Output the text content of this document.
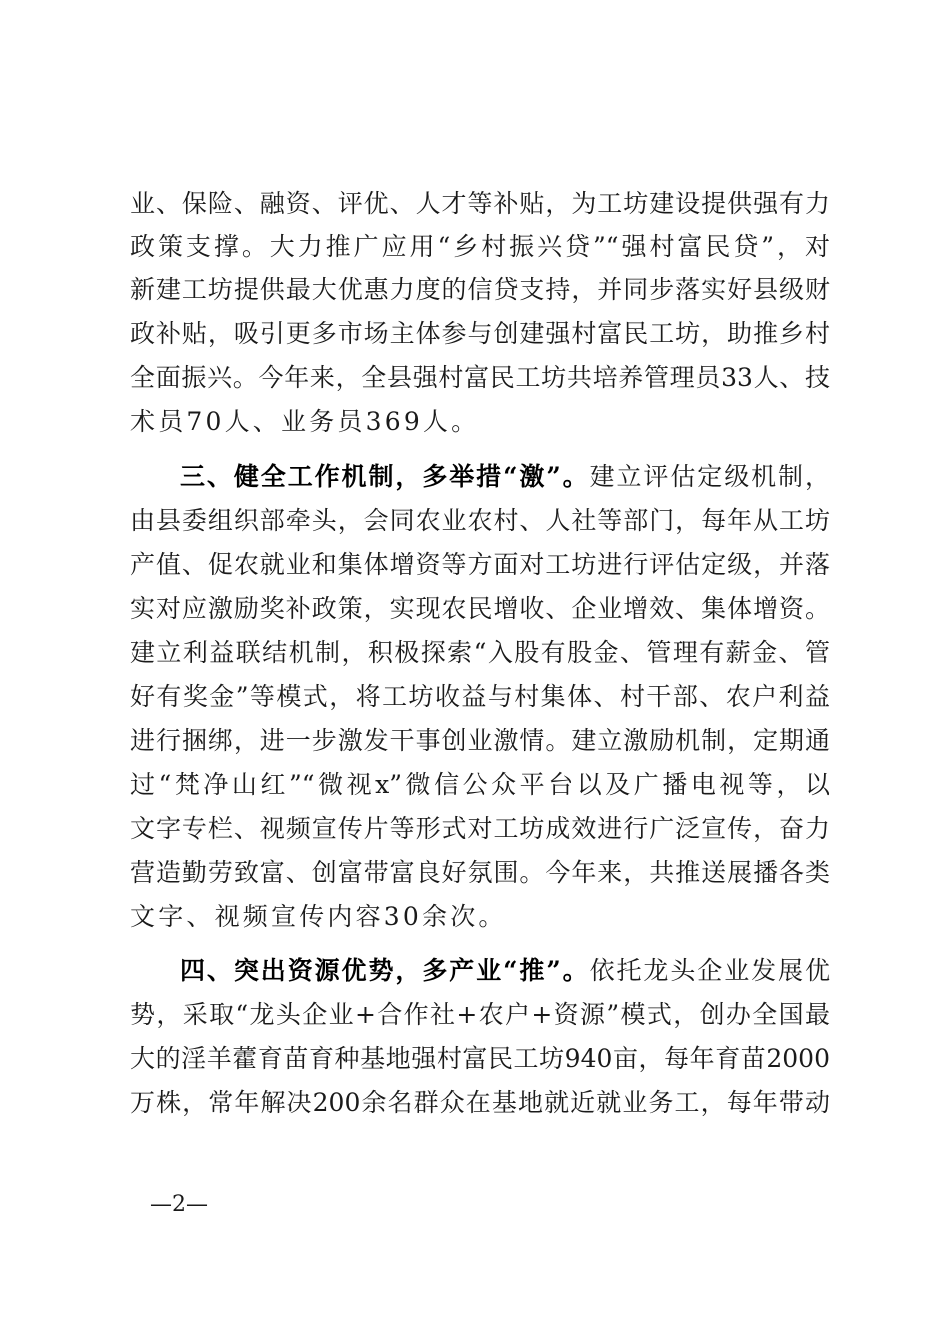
业、保险、融资、评优、人才等补贴，为工坊建设提供强有力
政策支撑。大力推广应用“乡村振兴贷”“强村富民贷”，对
新建工坊提供最大优惠力度的信贷支持，并同步落实好县级财
政补贴，吸引更多市场主体参与创建强村富民工坊，助推乡村
全面振兴。今年来，全县强村富民工坊共培养管理员33人、技
术员70人、业务员369人。
三、健全工作机制，多举措“激”。建立评估定级机制，
由县委组织部牵头，会同农业农村、人社等部门，每年从工坊
产值、促农就业和集体增资等方面对工坊进行评估定级，并落
实对应激励奖补政策，实现农民增收、企业增效、集体增资。
建立利益联结机制，积极探索“入股有股金、管理有薪金、管
好有奖金”等模式，将工坊收益与村集体、村干部、农户利益
进行捆绑，进一步激发干事创业激情。建立激励机制，定期通
过“梵净山红”“微视x”微信公众平台以及广播电视等，以
文字专栏、视频宣传片等形式对工坊成效进行广泛宣传，奋力
营造勤劳致富、创富带富良好氛围。今年来，共推送展播各类
文字、视频宣传内容30余次。
四、突出资源优势，多产业“推”。依托龙头企业发展优
势，采取“龙头企业+合作社+农户+资源”模式，创办全国最
大的淫羊藿育苗育种基地强村富民工坊940亩，每年育苗2000
万株，常年解决200余名群众在基地就近就业务工，每年带动
—2—
